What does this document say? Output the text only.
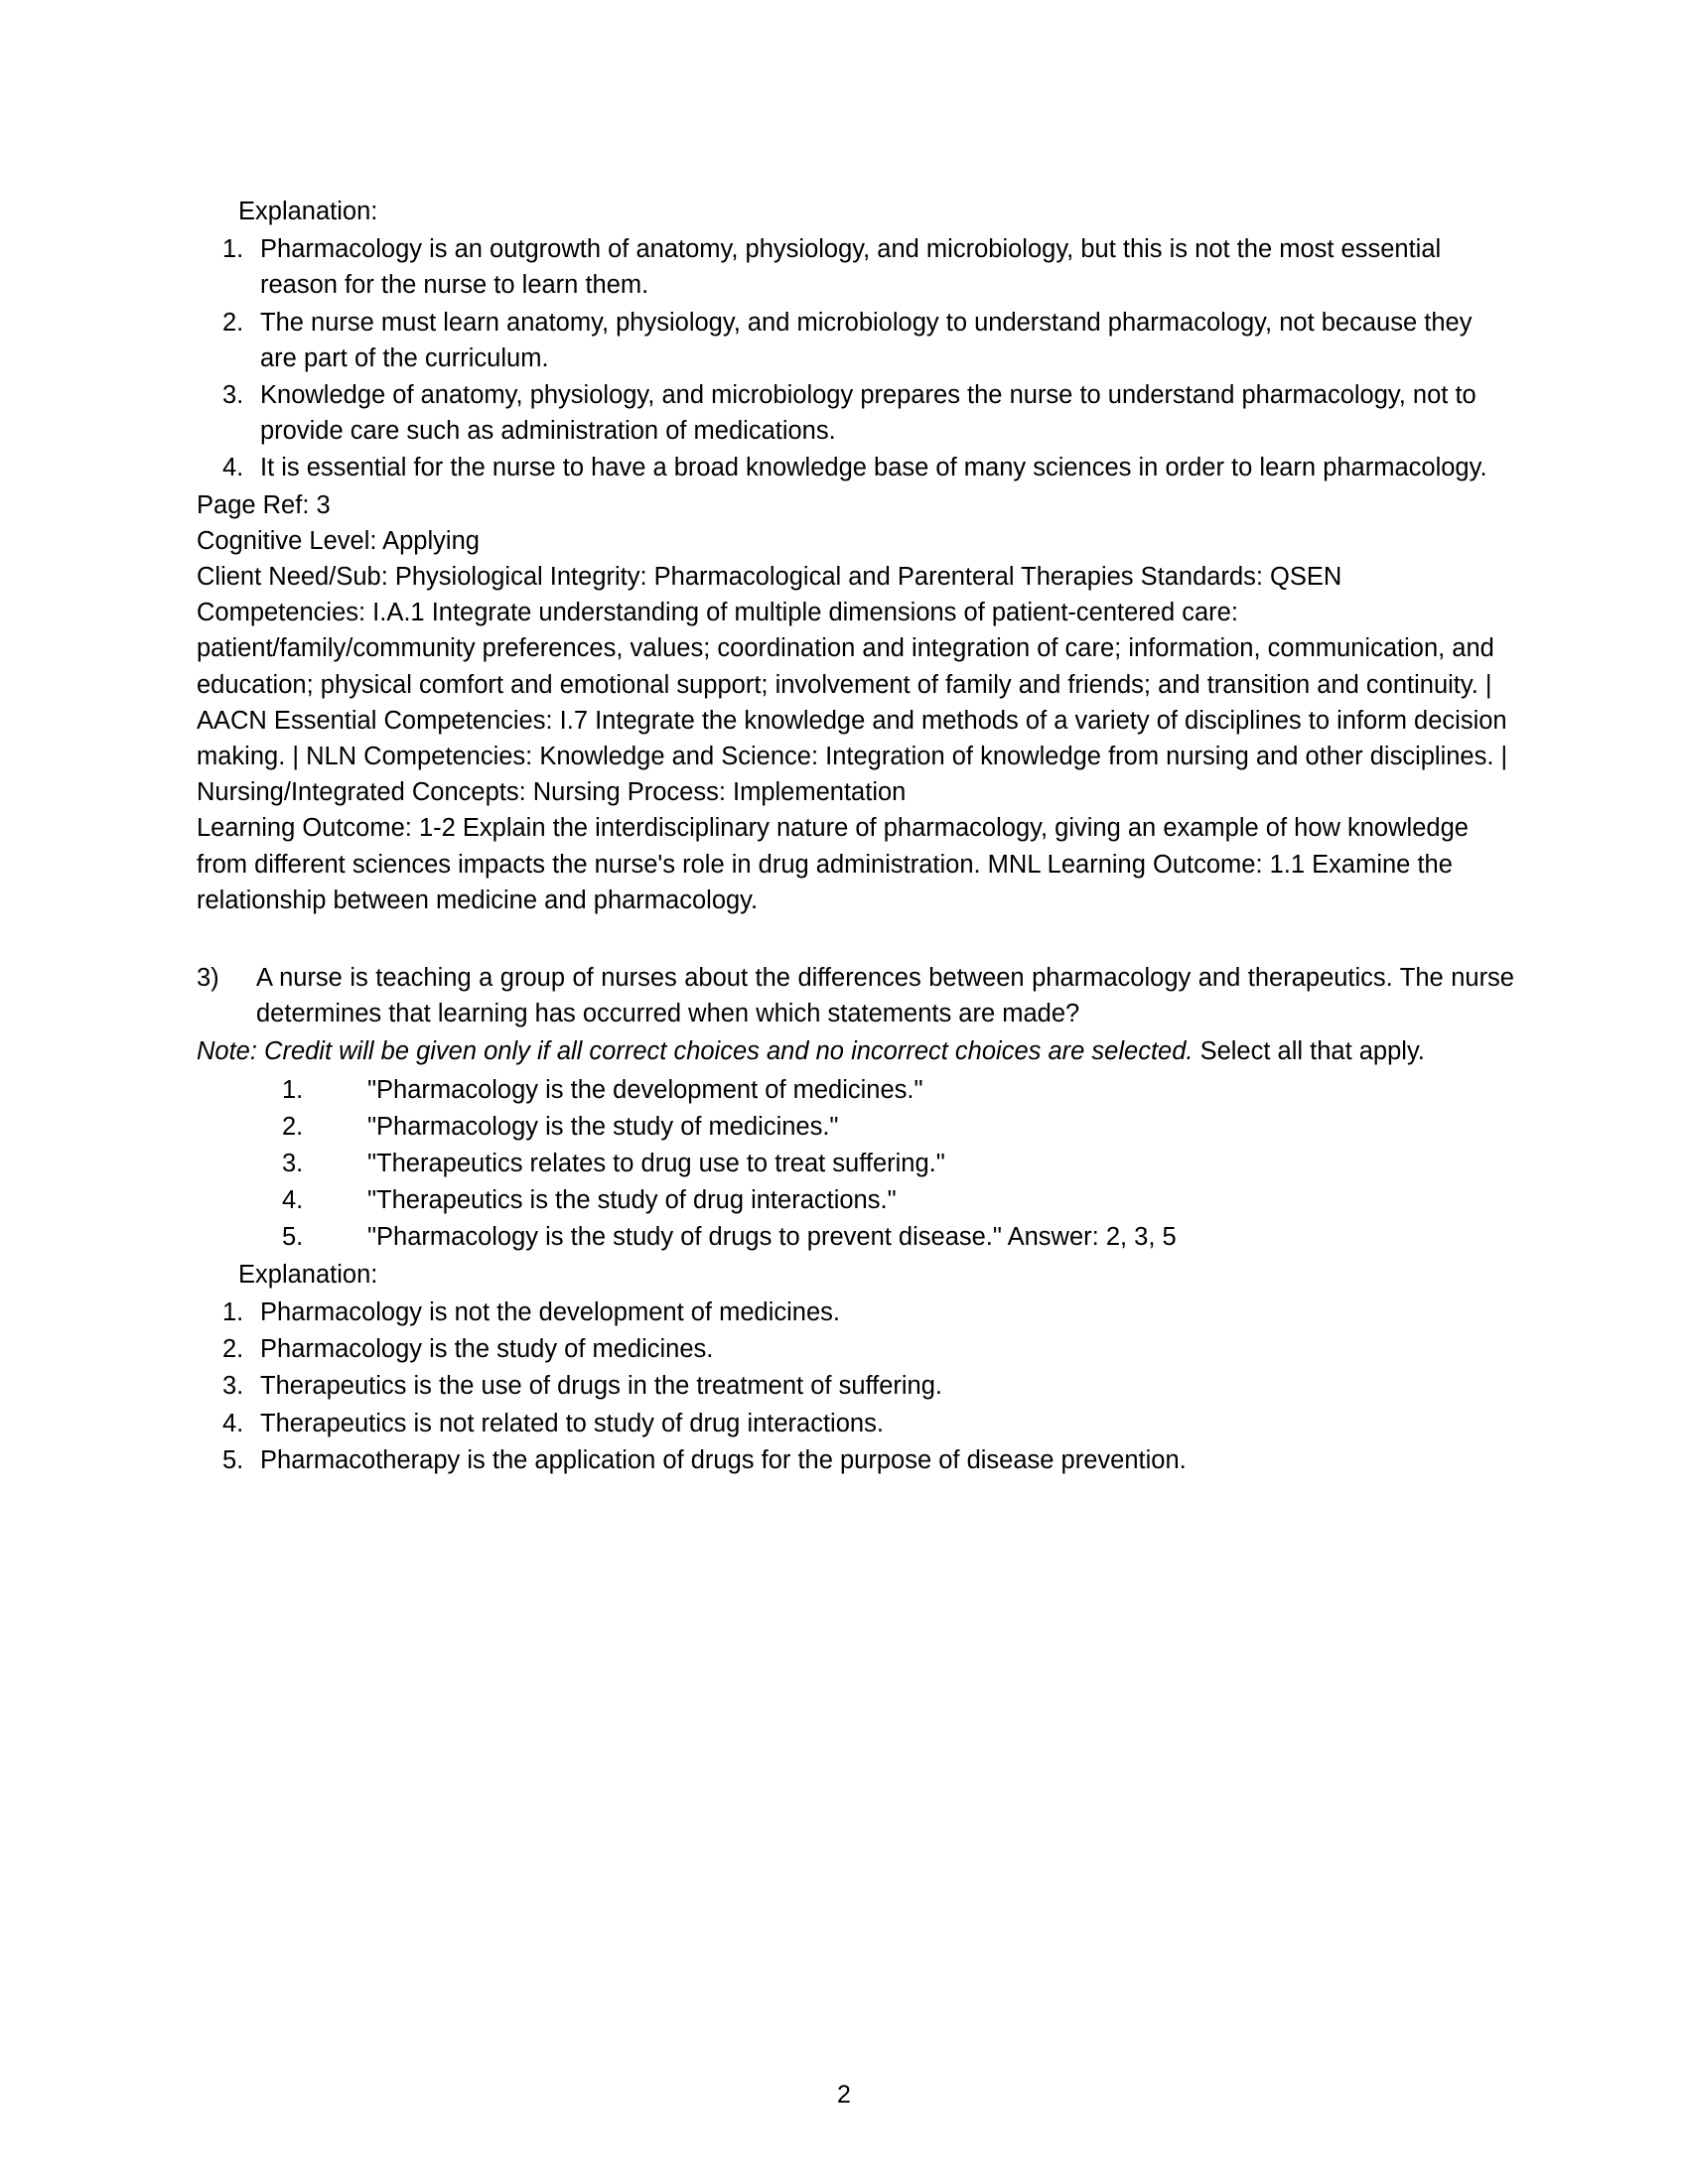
Explanation:
1. Pharmacology is an outgrowth of anatomy, physiology, and microbiology, but this is not the most essential reason for the nurse to learn them.
2. The nurse must learn anatomy, physiology, and microbiology to understand pharmacology, not because they are part of the curriculum.
3. Knowledge of anatomy, physiology, and microbiology prepares the nurse to understand pharmacology, not to provide care such as administration of medications.
4. It is essential for the nurse to have a broad knowledge base of many sciences in order to learn pharmacology.

Page Ref: 3

Cognitive Level: Applying

Client Need/Sub: Physiological Integrity: Pharmacological and Parenteral Therapies Standards: QSEN Competencies: I.A.1 Integrate understanding of multiple dimensions of patient-centered care: patient/family/community preferences, values; coordination and integration of care; information, communication, and education; physical comfort and emotional support; involvement of family and friends; and transition and continuity. | AACN Essential Competencies: I.7 Integrate the knowledge and methods of a variety of disciplines to inform decision making. | NLN Competencies: Knowledge and Science: Integration of knowledge from nursing and other disciplines. | Nursing/Integrated Concepts: Nursing Process: Implementation

Learning Outcome: 1-2 Explain the interdisciplinary nature of pharmacology, giving an example of how knowledge from different sciences impacts the nurse's role in drug administration. MNL Learning Outcome: 1.1 Examine the relationship between medicine and pharmacology.

3) A nurse is teaching a group of nurses about the differences between pharmacology and therapeutics. The nurse determines that learning has occurred when which statements are made?
Note: Credit will be given only if all correct choices and no incorrect choices are selected. Select all that apply.
1.	"Pharmacology is the development of medicines."
2.	"Pharmacology is the study of medicines."
3.	"Therapeutics relates to drug use to treat suffering."
4.	"Therapeutics is the study of drug interactions."
5.	"Pharmacology is the study of drugs to prevent disease." Answer: 2, 3, 5
Explanation:
1. Pharmacology is not the development of medicines.
2. Pharmacology is the study of medicines.
3. Therapeutics is the use of drugs in the treatment of suffering.
4. Therapeutics is not related to study of drug interactions.
5. Pharmacotherapy is the application of drugs for the purpose of disease prevention.
2
